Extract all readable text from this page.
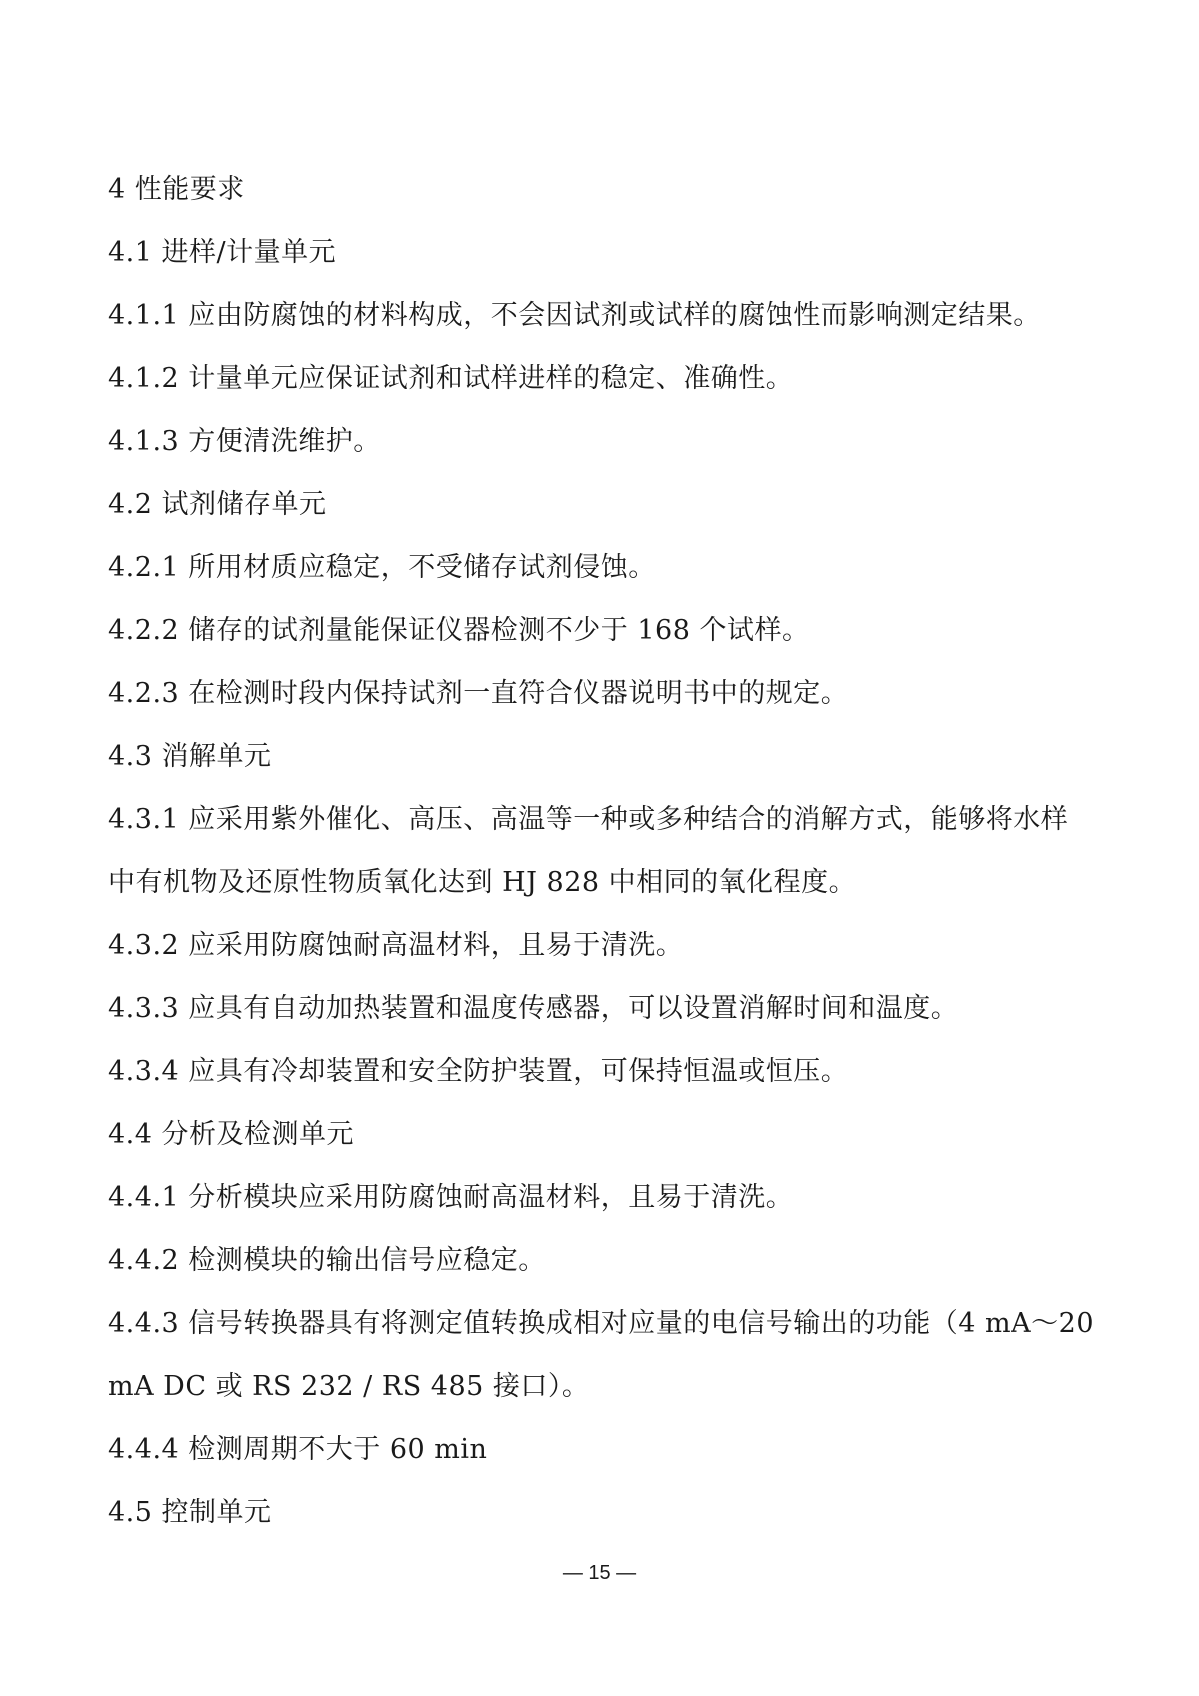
4 性能要求
4.1 进样/计量单元
4.1.1 应由防腐蚀的材料构成，不会因试剂或试样的腐蚀性而影响测定结果。
4.1.2 计量单元应保证试剂和试样进样的稳定、准确性。
4.1.3 方便清洗维护。
4.2 试剂储存单元
4.2.1 所用材质应稳定，不受储存试剂侵蚀。
4.2.2 储存的试剂量能保证仪器检测不少于 168 个试样。
4.2.3 在检测时段内保持试剂一直符合仪器说明书中的规定。
4.3 消解单元
4.3.1 应采用紫外催化、高压、高温等一种或多种结合的消解方式，能够将水样
中有机物及还原性物质氧化达到 HJ 828 中相同的氧化程度。
4.3.2 应采用防腐蚀耐高温材料，且易于清洗。
4.3.3 应具有自动加热装置和温度传感器，可以设置消解时间和温度。
4.3.4 应具有冷却装置和安全防护装置，可保持恒温或恒压。
4.4 分析及检测单元
4.4.1 分析模块应采用防腐蚀耐高温材料，且易于清洗。
4.4.2 检测模块的输出信号应稳定。
4.4.3 信号转换器具有将测定值转换成相对应量的电信号输出的功能（4 mA～20
mA DC 或 RS 232 / RS 485 接口）。
4.4.4 检测周期不大于 60 min
4.5 控制单元
— 15 —
